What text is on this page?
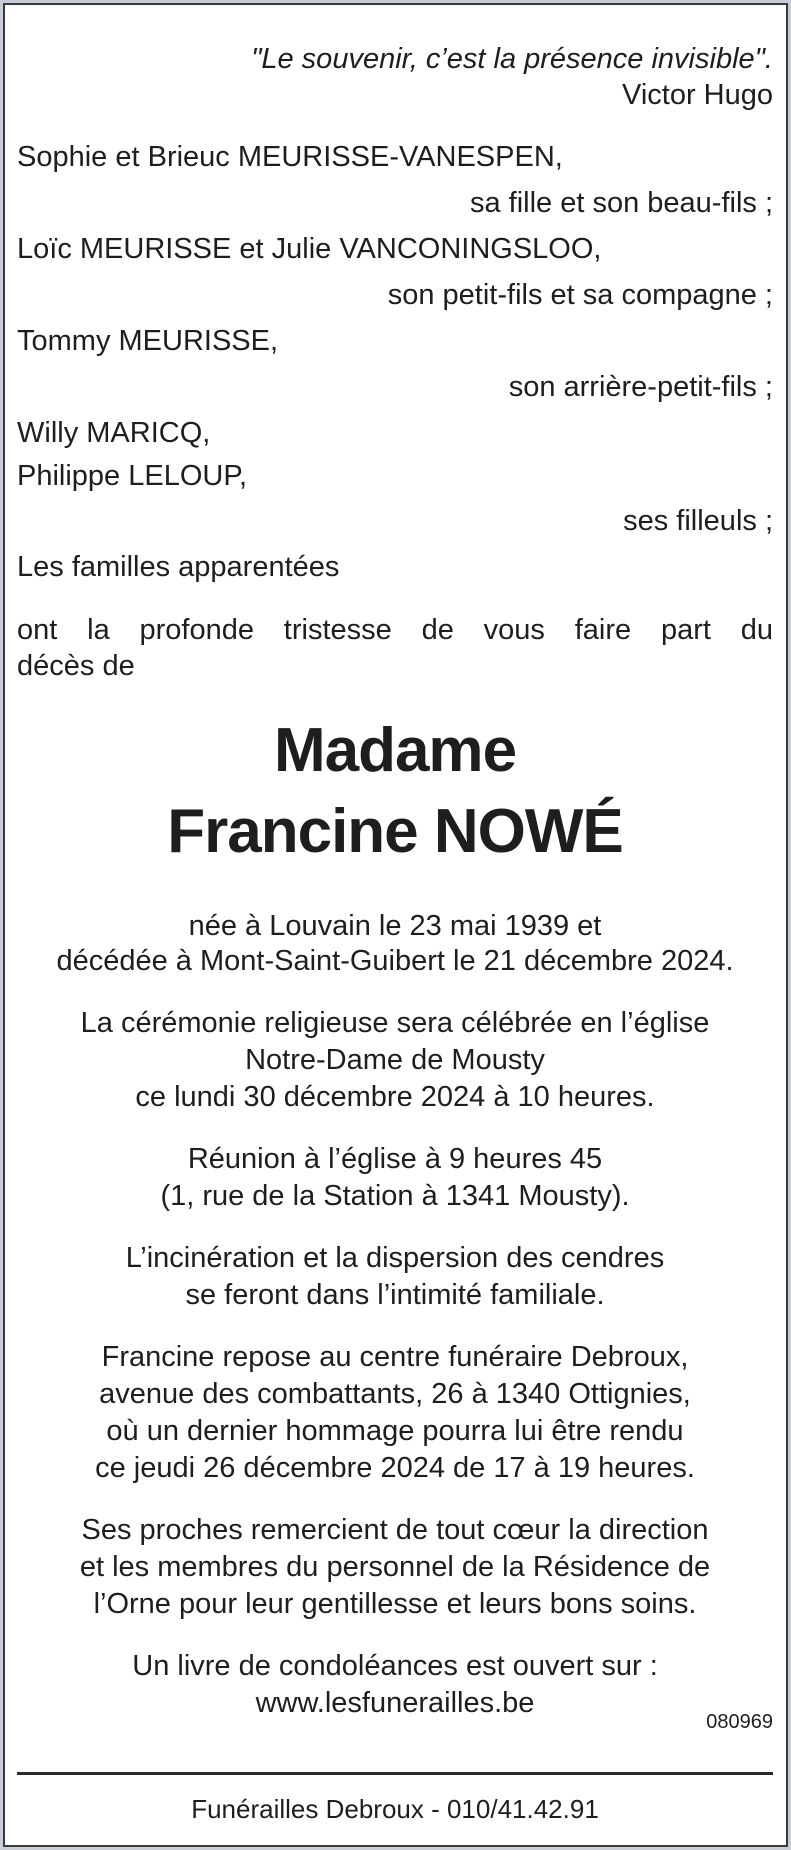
"Le souvenir, c’est la présence invisible".
Victor Hugo
Sophie et Brieuc MEURISSE-VANESPEN,
sa fille et son beau-fils ;
Loïc MEURISSE et Julie VANCONINGSLOO,
son petit-fils et sa compagne ;
Tommy MEURISSE,
son arrière-petit-fils ;
Willy MARICQ,
Philippe LELOUP,
ses filleuls ;
Les familles apparentées
ont la profonde tristesse de vous faire part du
décès de
Madame
Francine NOWÉ
née à Louvain le 23 mai 1939 et
décédée à Mont-Saint-Guibert le 21 décembre 2024.
La cérémonie religieuse sera célébrée en l’église
Notre-Dame de Mousty
ce lundi 30 décembre 2024 à 10 heures.
Réunion à l’église à 9 heures 45
(1, rue de la Station à 1341 Mousty).
L’incinération et la dispersion des cendres
se feront dans l’intimité familiale.
Francine repose au centre funéraire Debroux,
avenue des combattants, 26 à 1340 Ottignies,
où un dernier hommage pourra lui être rendu
ce jeudi 26 décembre 2024 de 17 à 19 heures.
Ses proches remercient de tout cœur la direction
et les membres du personnel de la Résidence de
l’Orne pour leur gentillesse et leurs bons soins.
Un livre de condoléances est ouvert sur :
www.lesfunerailles.be
080969
Funérailles Debroux - 010/41.42.91
